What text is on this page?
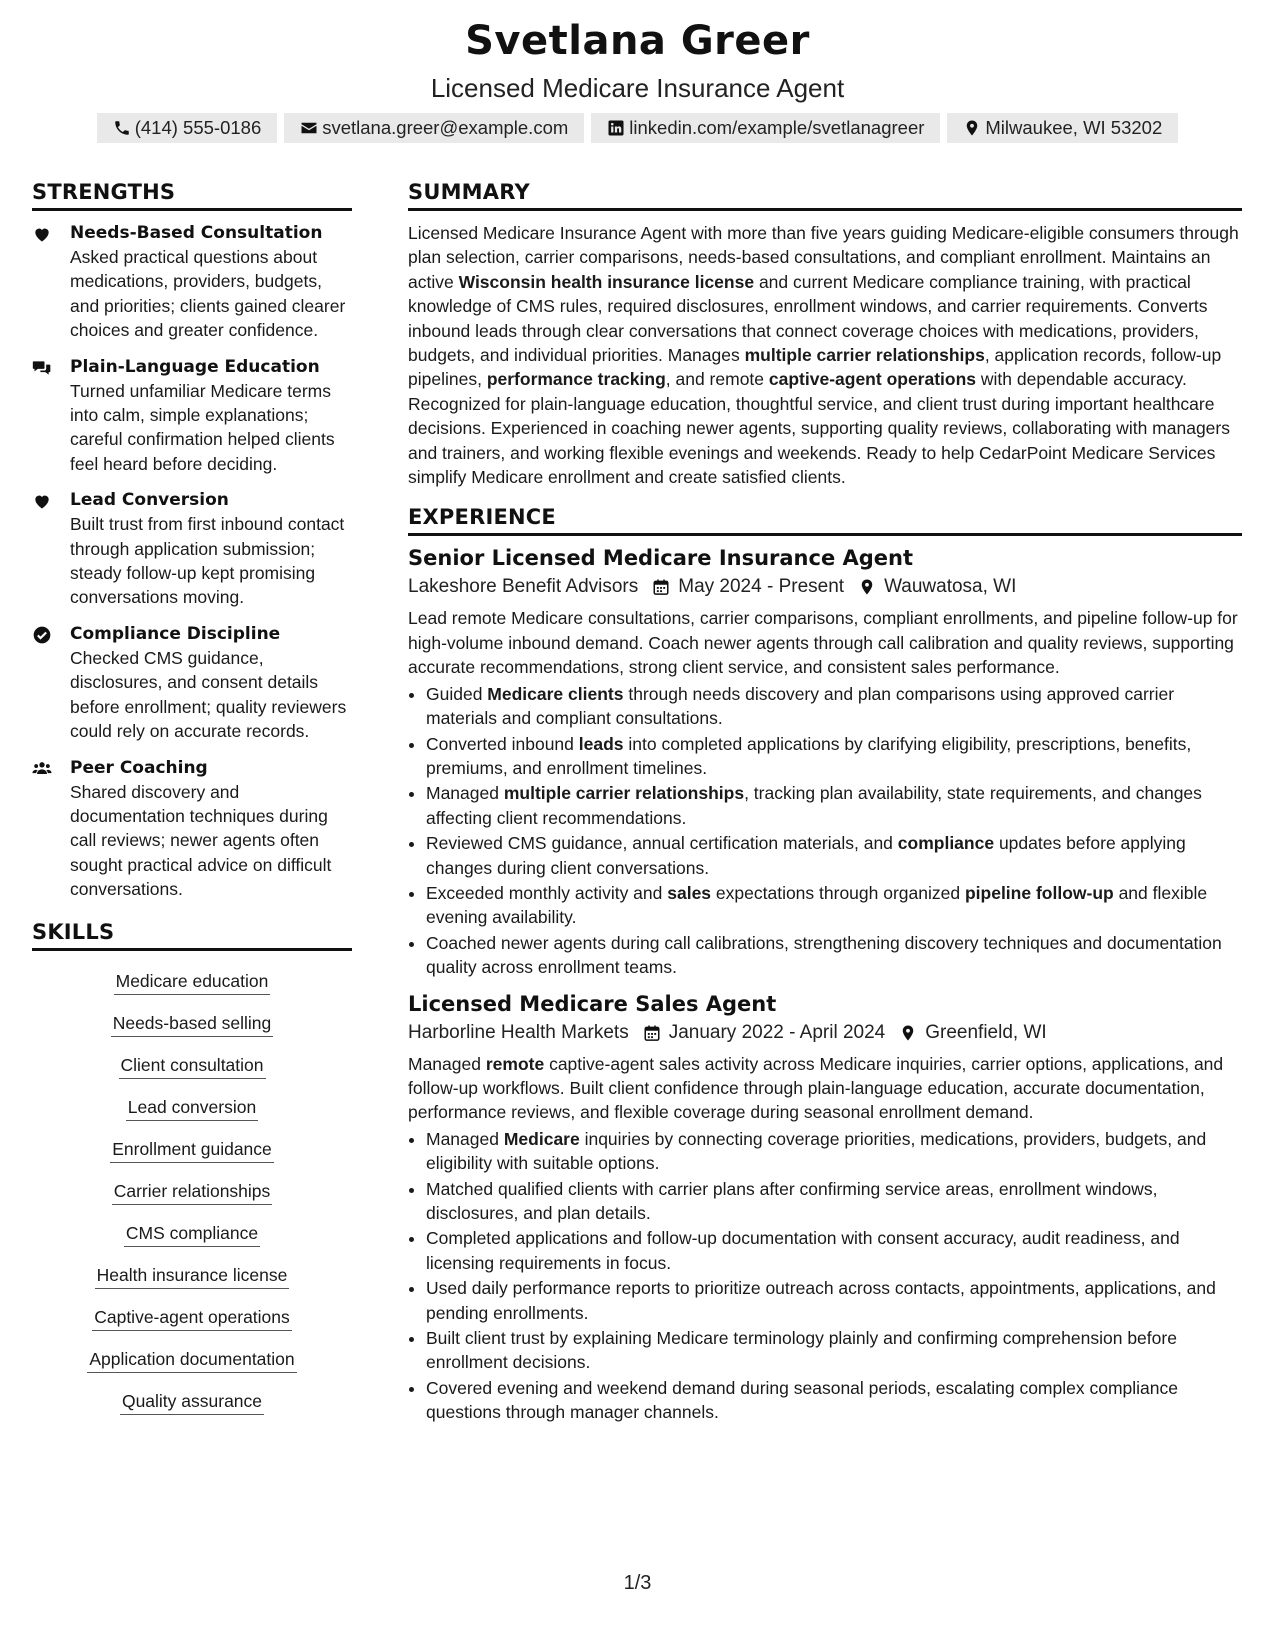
Svetlana Greer
Licensed Medicare Insurance Agent
(414) 555-0186	svetlana.greer@example.com	linkedin.com/example/svetlanagreer	Milwaukee, WI 53202
STRENGTHS
Needs-Based Consultation
Asked practical questions about medications, providers, budgets, and priorities; clients gained clearer choices and greater confidence.
Plain-Language Education
Turned unfamiliar Medicare terms into calm, simple explanations; careful confirmation helped clients feel heard before deciding.
Lead Conversion
Built trust from first inbound contact through application submission; steady follow-up kept promising conversations moving.
Compliance Discipline
Checked CMS guidance, disclosures, and consent details before enrollment; quality reviewers could rely on accurate records.
Peer Coaching
Shared discovery and documentation techniques during call reviews; newer agents often sought practical advice on difficult conversations.
SKILLS
Medicare education
Needs-based selling
Client consultation
Lead conversion
Enrollment guidance
Carrier relationships
CMS compliance
Health insurance license
Captive-agent operations
Application documentation
Quality assurance
SUMMARY
Licensed Medicare Insurance Agent with more than five years guiding Medicare-eligible consumers through plan selection, carrier comparisons, needs-based consultations, and compliant enrollment. Maintains an active Wisconsin health insurance license and current Medicare compliance training, with practical knowledge of CMS rules, required disclosures, enrollment windows, and carrier requirements. Converts inbound leads through clear conversations that connect coverage choices with medications, providers, budgets, and individual priorities. Manages multiple carrier relationships, application records, follow-up pipelines, performance tracking, and remote captive-agent operations with dependable accuracy. Recognized for plain-language education, thoughtful service, and client trust during important healthcare decisions. Experienced in coaching newer agents, supporting quality reviews, collaborating with managers and trainers, and working flexible evenings and weekends. Ready to help CedarPoint Medicare Services simplify Medicare enrollment and create satisfied clients.
EXPERIENCE
Senior Licensed Medicare Insurance Agent
Lakeshore Benefit Advisors May 2024 - Present Wauwatosa, WI
Lead remote Medicare consultations, carrier comparisons, compliant enrollments, and pipeline follow-up for high-volume inbound demand. Coach newer agents through call calibration and quality reviews, supporting accurate recommendations, strong client service, and consistent sales performance.
• Guided Medicare clients through needs discovery and plan comparisons using approved carrier materials and compliant consultations.
• Converted inbound leads into completed applications by clarifying eligibility, prescriptions, benefits, premiums, and enrollment timelines.
• Managed multiple carrier relationships, tracking plan availability, state requirements, and changes affecting client recommendations.
• Reviewed CMS guidance, annual certification materials, and compliance updates before applying changes during client conversations.
• Exceeded monthly activity and sales expectations through organized pipeline follow-up and flexible evening availability.
• Coached newer agents during call calibrations, strengthening discovery techniques and documentation quality across enrollment teams.
Licensed Medicare Sales Agent
Harborline Health Markets January 2022 - April 2024 Greenfield, WI
Managed remote captive-agent sales activity across Medicare inquiries, carrier options, applications, and follow-up workflows. Built client confidence through plain-language education, accurate documentation, performance reviews, and flexible coverage during seasonal enrollment demand.
• Managed Medicare inquiries by connecting coverage priorities, medications, providers, budgets, and eligibility with suitable options.
• Matched qualified clients with carrier plans after confirming service areas, enrollment windows, disclosures, and plan details.
• Completed applications and follow-up documentation with consent accuracy, audit readiness, and licensing requirements in focus.
• Used daily performance reports to prioritize outreach across contacts, appointments, applications, and pending enrollments.
• Built client trust by explaining Medicare terminology plainly and confirming comprehension before enrollment decisions.
• Covered evening and weekend demand during seasonal periods, escalating complex compliance questions through manager channels.
1/3
